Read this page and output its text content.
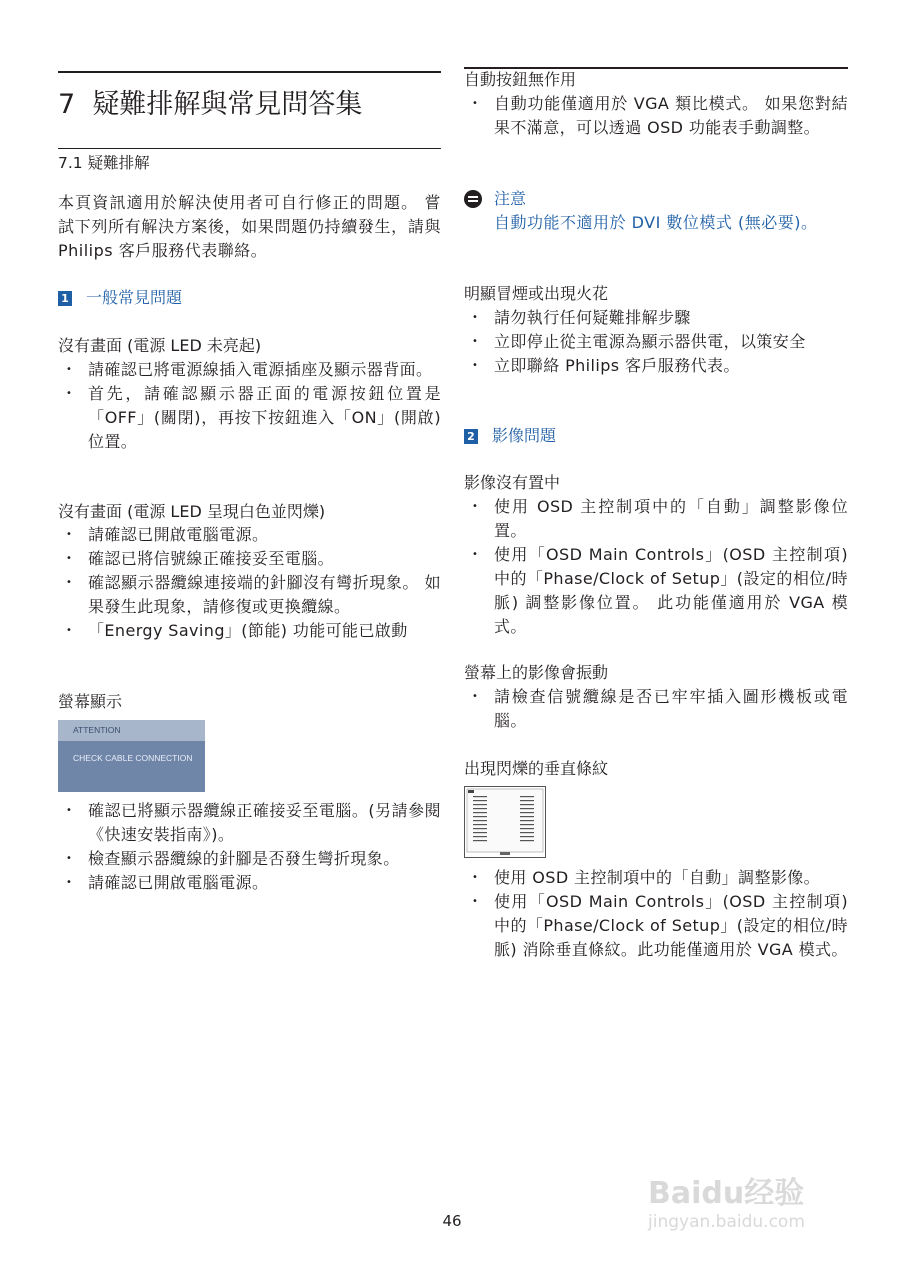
7 疑難排解與常見問答集
7.1 疑難排解
本頁資訊適用於解決使用者可自行修正的問題。 嘗試下列所有解決方案後，如果問題仍持續發生，請與 Philips 客戶服務代表聯絡。
1 一般常見問題
沒有畫面 (電源 LED 未亮起)
• 請確認已將電源線插入電源插座及顯示器背面。
• 首先，請確認顯示器正面的電源按鈕位置是「OFF」(關閉)，再按下按鈕進入「ON」(開啟) 位置。
沒有畫面 (電源 LED 呈現白色並閃爍)
• 請確認已開啟電腦電源。
• 確認已將信號線正確接妥至電腦。
• 確認顯示器纜線連接端的針腳沒有彎折現象。 如果發生此現象，請修復或更換纜線。
• 「Energy Saving」(節能) 功能可能已啟動
螢幕顯示
ATTENTION
CHECK CABLE CONNECTION
• 確認已將顯示器纜線正確接妥至電腦。(另請參閱《快速安裝指南》)。
• 檢查顯示器纜線的針腳是否發生彎折現象。
• 請確認已開啟電腦電源。
自動按鈕無作用
• 自動功能僅適用於 VGA 類比模式。 如果您對結果不滿意，可以透過 OSD 功能表手動調整。
注意
自動功能不適用於 DVI 數位模式 (無必要)。
明顯冒煙或出現火花
• 請勿執行任何疑難排解步驟
• 立即停止從主電源為顯示器供電，以策安全
• 立即聯絡 Philips 客戶服務代表。
2 影像問題
影像沒有置中
• 使用 OSD 主控制項中的「自動」調整影像位置。
• 使用「OSD Main Controls」(OSD 主控制項) 中的「Phase/Clock of Setup」(設定的相位/時脈) 調整影像位置。 此功能僅適用於 VGA 模式。
螢幕上的影像會振動
• 請檢查信號纜線是否已牢牢插入圖形機板或電腦。
出現閃爍的垂直條紋
• 使用 OSD 主控制項中的「自動」調整影像。
• 使用「OSD Main Controls」(OSD 主控制項) 中的「Phase/Clock of Setup」(設定的相位/時脈) 消除垂直條紋。此功能僅適用於 VGA 模式。
46
Baidu经验
jingyan.baidu.com
